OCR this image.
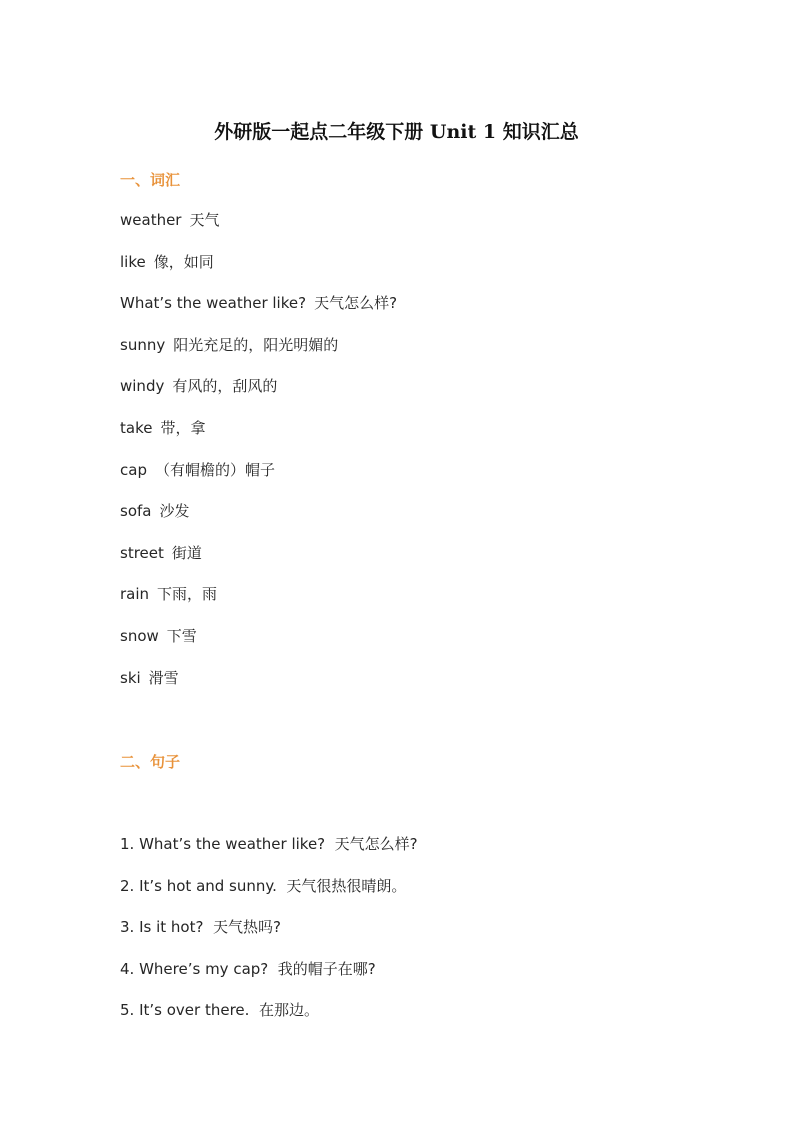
外研版一起点二年级下册 Unit 1 知识汇总
一、词汇
weather 天气
like 像，如同
What’s the weather like? 天气怎么样?
sunny 阳光充足的，阳光明媚的
windy 有风的，刮风的
take 带，拿
cap （有帽檐的）帽子
sofa 沙发
street 街道
rain 下雨，雨
snow 下雪
ski 滑雪
二、句子
1. What’s the weather like?  天气怎么样?
2. It’s hot and sunny.  天气很热很晴朗。
3. Is it hot?  天气热吗?
4. Where’s my cap?  我的帽子在哪?
5. It’s over there.  在那边。
